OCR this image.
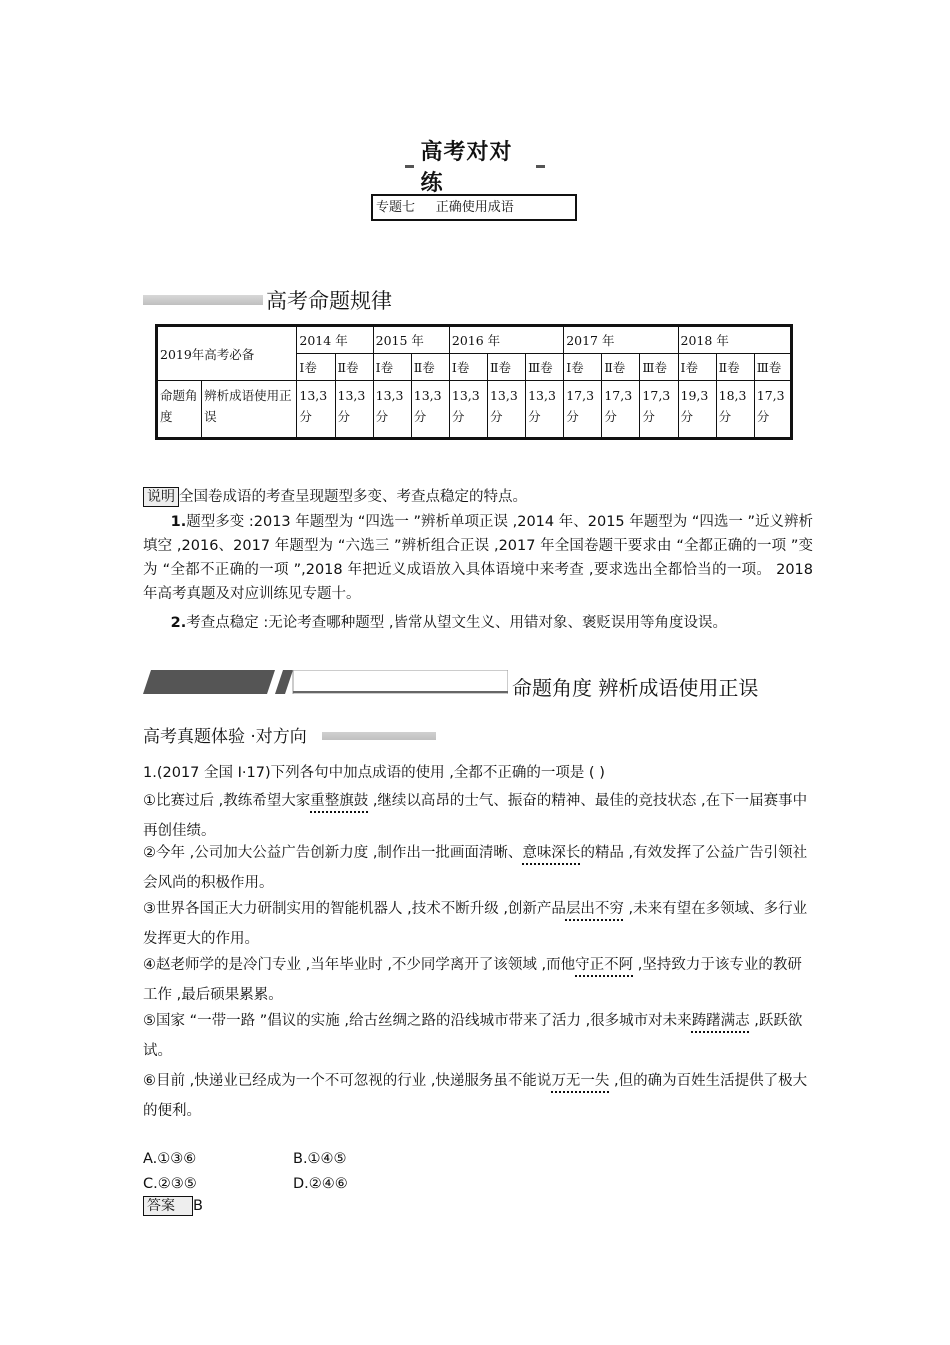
高考对对练
专题七 正确使用成语
高考命题规律
2019年高考必备		2014 年		2015 年		2016 年			2017 年			2018 年		
		Ⅰ卷	Ⅱ卷	Ⅰ卷	Ⅱ卷	Ⅰ卷	Ⅱ卷	Ⅲ卷	Ⅰ卷	Ⅱ卷	Ⅲ卷	Ⅰ卷	Ⅱ卷	Ⅲ卷
命题角度	辨析成语使用正误	13,3分	13,3分	13,3分	13,3分	13,3分	13,3分	13,3分	17,3分	17,3分	17,3分	19,3分	18,3分	17,3分
说明 全国卷成语的考查呈现题型多变、考查点稳定的特点。
1.题型多变 :2013 年题型为 “四选一 ”辨析单项正误 ,2014 年、2015 年题型为 “四选一 ”近义辨析填空 ,2016、2017 年题型为 “六选三 ”辨析组合正误 ,2017 年全国卷题干要求由 “全都正确的一项 ”变为 “全都不正确的一项 ”,2018 年把近义成语放入具体语境中来考查 ,要求选出全都恰当的一项。 2018 年高考真题及对应训练见专题十。
2.考查点稳定 :无论考查哪种题型 ,皆常从望文生义、用错对象、褒贬误用等角度设误。
命题角度 辨析成语使用正误
高考真题体验 ·对方向
1.(2017 全国 Ⅰ·17)下列各句中加点成语的使用 ,全都不正确的一项是 ( )
①比赛过后 ,教练希望大家重整旗鼓 ,继续以高昂的士气、振奋的精神、最佳的竞技状态 ,在下一届赛事中再创佳绩。
②今年 ,公司加大公益广告创新力度 ,制作出一批画面清晰、意味深长的精品 ,有效发挥了公益广告引领社会风尚的积极作用。
③世界各国正大力研制实用的智能机器人 ,技术不断升级 ,创新产品层出不穷 ,未来有望在多领域、多行业发挥更大的作用。
④赵老师学的是冷门专业 ,当年毕业时 ,不少同学离开了该领域 ,而他守正不阿 ,坚持致力于该专业的教研工作 ,最后硕果累累。
⑤国家 “一带一路 ”倡议的实施 ,给古丝绸之路的沿线城市带来了活力 ,很多城市对未来踌躇满志 ,跃跃欲试。
⑥目前 ,快递业已经成为一个不可忽视的行业 ,快递服务虽不能说万无一失 ,但的确为百姓生活提供了极大的便利。
A.①③⑥	B.①④⑤
C.②③⑤	D.②④⑥
答案 B
